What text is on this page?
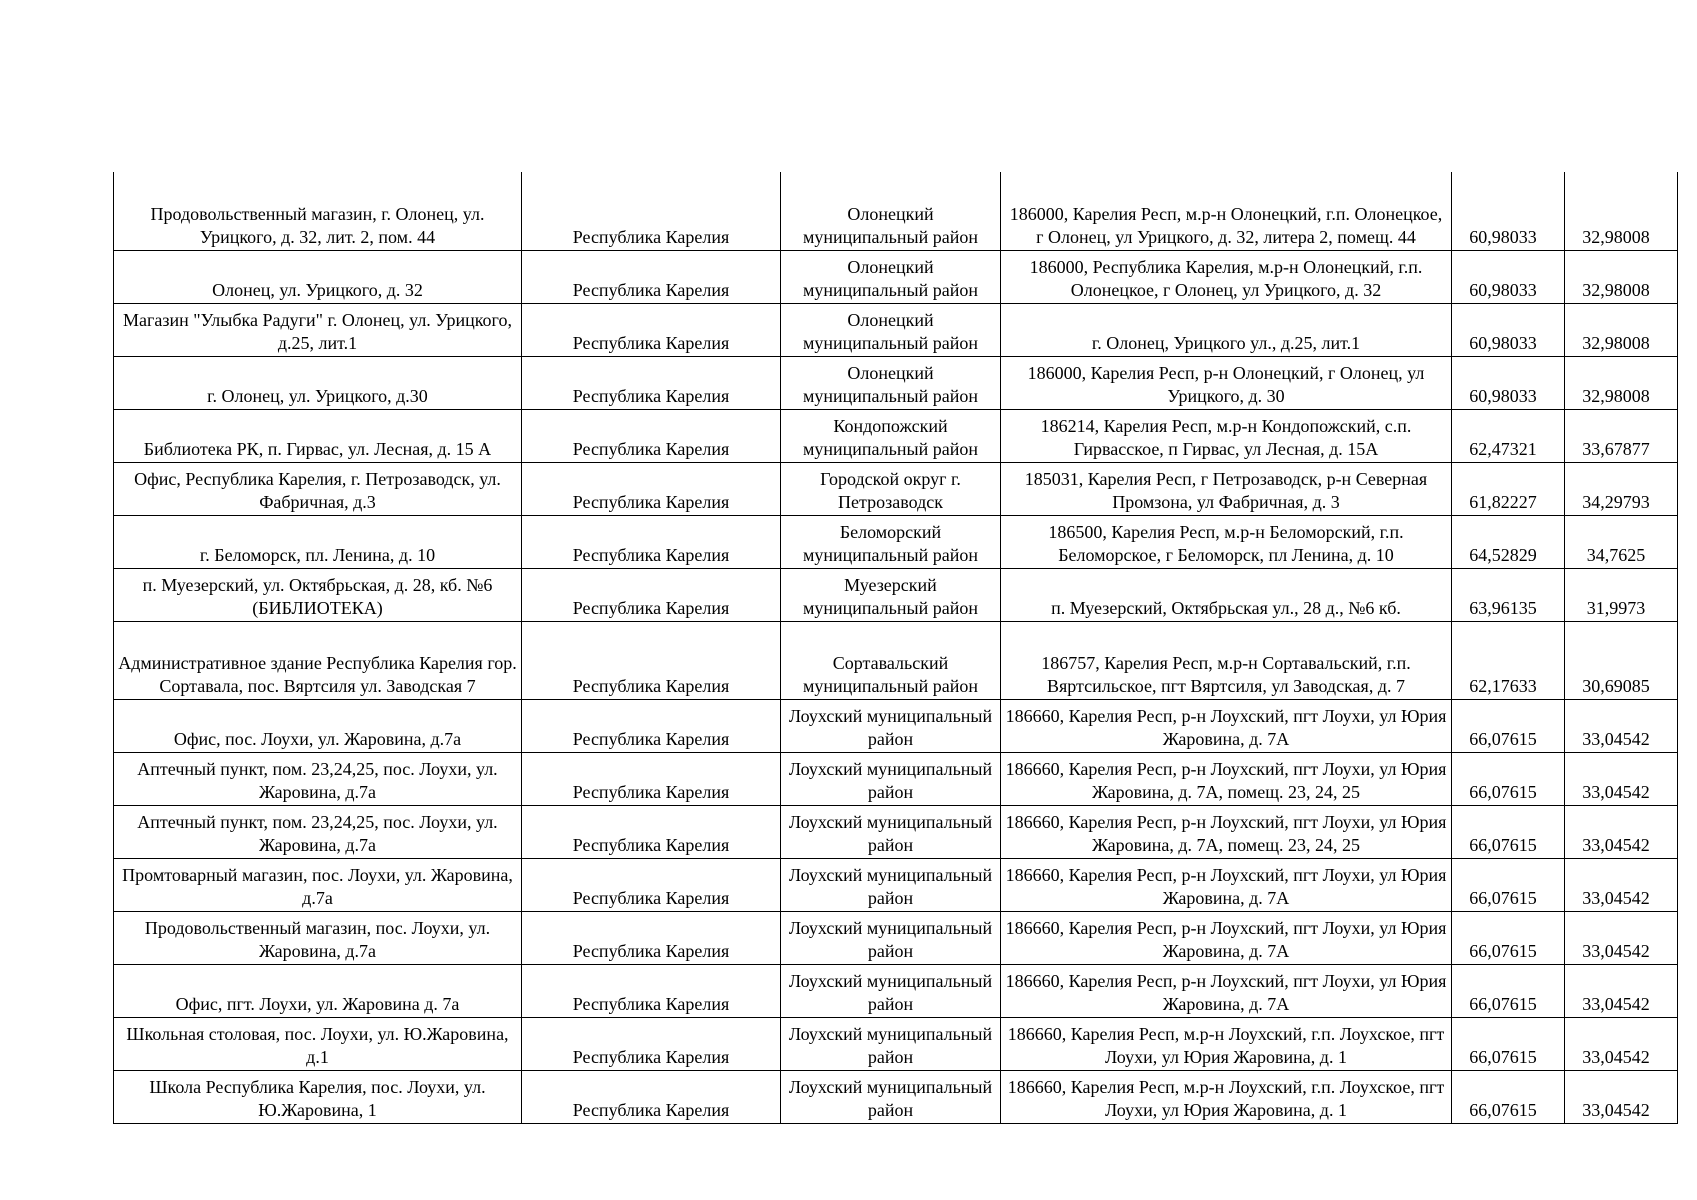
Продовольственный магазин, г. Олонец, ул. Урицкого, д. 32, лит. 2, пом. 44	Республика Карелия	Олонецкий муниципальный район	186000, Карелия Респ, м.р-н Олонецкий, г.п. Олонецкое, г Олонец, ул Урицкого, д. 32, литера 2, помещ. 44	60,98033	32,98008
Олонец, ул. Урицкого, д. 32	Республика Карелия	Олонецкий муниципальный район	186000, Республика Карелия, м.р-н Олонецкий, г.п. Олонецкое, г Олонец, ул Урицкого, д. 32	60,98033	32,98008
Магазин "Улыбка Радуги" г. Олонец, ул. Урицкого, д.25, лит.1	Республика Карелия	Олонецкий муниципальный район	г. Олонец, Урицкого ул., д.25, лит.1	60,98033	32,98008
г. Олонец, ул. Урицкого, д.30	Республика Карелия	Олонецкий муниципальный район	186000, Карелия Респ, р-н Олонецкий, г Олонец, ул Урицкого, д. 30	60,98033	32,98008
Библиотека РК, п. Гирвас, ул. Лесная, д. 15 А	Республика Карелия	Кондопожский муниципальный район	186214, Карелия Респ, м.р-н Кондопожский, с.п. Гирвасское, п Гирвас, ул Лесная, д. 15А	62,47321	33,67877
Офис, Республика Карелия, г. Петрозаводск, ул. Фабричная, д.3	Республика Карелия	Городской округ г. Петрозаводск	185031, Карелия Респ, г Петрозаводск, р-н Северная Промзона, ул Фабричная, д. 3	61,82227	34,29793
г. Беломорск, пл. Ленина, д. 10	Республика Карелия	Беломорский муниципальный район	186500, Карелия Респ, м.р-н Беломорский, г.п. Беломорское, г Беломорск, пл Ленина, д. 10	64,52829	34,7625
п. Муезерский, ул. Октябрьская, д. 28, кб. №6 (БИБЛИОТЕКА)	Республика Карелия	Муезерский муниципальный район	п. Муезерский, Октябрьская ул., 28 д., №6 кб.	63,96135	31,9973
Административное здание Республика Карелия гор. Сортавала, пос. Вяртсиля ул. Заводская 7	Республика Карелия	Сортавальский муниципальный район	186757, Карелия Респ, м.р-н Сортавальский, г.п. Вяртсильское, пгт Вяртсиля, ул Заводская, д. 7	62,17633	30,69085
Офис, пос. Лоухи, ул. Жаровина, д.7а	Республика Карелия	Лоухский муниципальный район	186660, Карелия Респ, р-н Лоухский, пгт Лоухи, ул Юрия Жаровина, д. 7А	66,07615	33,04542
Аптечный пункт, пом. 23,24,25, пос. Лоухи, ул. Жаровина, д.7а	Республика Карелия	Лоухский муниципальный район	186660, Карелия Респ, р-н Лоухский, пгт Лоухи, ул Юрия Жаровина, д. 7А, помещ. 23, 24, 25	66,07615	33,04542
Аптечный пункт, пом. 23,24,25, пос. Лоухи, ул. Жаровина, д.7а	Республика Карелия	Лоухский муниципальный район	186660, Карелия Респ, р-н Лоухский, пгт Лоухи, ул Юрия Жаровина, д. 7А, помещ. 23, 24, 25	66,07615	33,04542
Промтоварный магазин, пос. Лоухи, ул. Жаровина, д.7а	Республика Карелия	Лоухский муниципальный район	186660, Карелия Респ, р-н Лоухский, пгт Лоухи, ул Юрия Жаровина, д. 7А	66,07615	33,04542
Продовольственный магазин, пос. Лоухи, ул. Жаровина, д.7а	Республика Карелия	Лоухский муниципальный район	186660, Карелия Респ, р-н Лоухский, пгт Лоухи, ул Юрия Жаровина, д. 7А	66,07615	33,04542
Офис, пгт. Лоухи, ул. Жаровина д. 7а	Республика Карелия	Лоухский муниципальный район	186660, Карелия Респ, р-н Лоухский, пгт Лоухи, ул Юрия Жаровина, д. 7А	66,07615	33,04542
Школьная столовая, пос. Лоухи, ул. Ю.Жаровина, д.1	Республика Карелия	Лоухский муниципальный район	186660, Карелия Респ, м.р-н Лоухский, г.п. Лоухское, пгт Лоухи, ул Юрия Жаровина, д. 1	66,07615	33,04542
Школа Республика Карелия, пос. Лоухи, ул. Ю.Жаровина, 1	Республика Карелия	Лоухский муниципальный район	186660, Карелия Респ, м.р-н Лоухский, г.п. Лоухское, пгт Лоухи, ул Юрия Жаровина, д. 1	66,07615	33,04542
